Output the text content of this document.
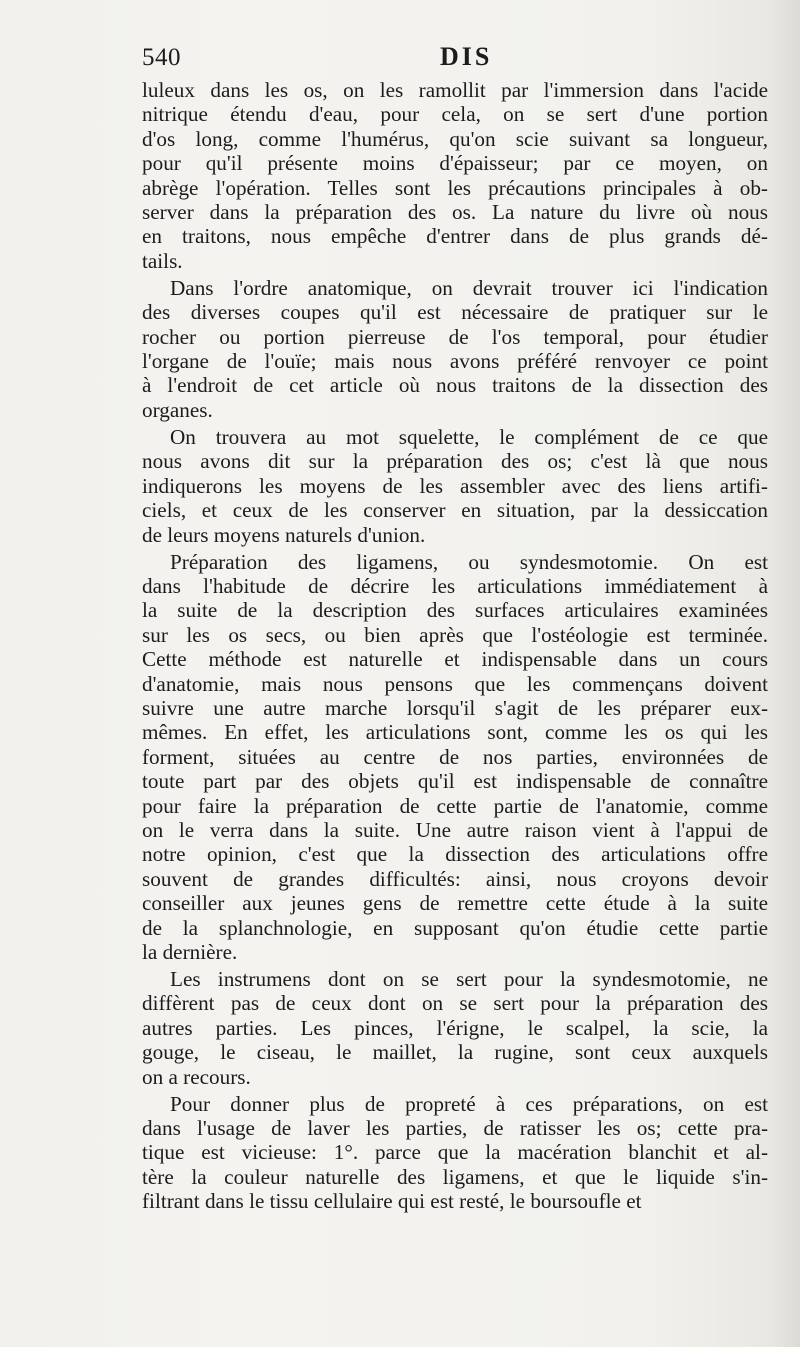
540	DIS
luleux dans les os, on les ramollit par l'immersion dans l'acide
nitrique étendu d'eau, pour cela, on se sert d'une portion
d'os long, comme l'humérus, qu'on scie suivant sa longueur,
pour qu'il présente moins d'épaisseur; par ce moyen, on
abrège l'opération. Telles sont les précautions principales à ob-
server dans la préparation des os. La nature du livre où nous
en traitons, nous empêche d'entrer dans de plus grands dé-
tails.
Dans l'ordre anatomique, on devrait trouver ici l'indication
des diverses coupes qu'il est nécessaire de pratiquer sur le
rocher ou portion pierreuse de l'os temporal, pour étudier
l'organe de l'ouïe; mais nous avons préféré renvoyer ce point
à l'endroit de cet article où nous traitons de la dissection des
organes.
On trouvera au mot squelette, le complément de ce que
nous avons dit sur la préparation des os; c'est là que nous
indiquerons les moyens de les assembler avec des liens artifi-
ciels, et ceux de les conserver en situation, par la dessiccation
de leurs moyens naturels d'union.
Préparation des ligamens, ou syndesmotomie. On est
dans l'habitude de décrire les articulations immédiatement à
la suite de la description des surfaces articulaires examinées
sur les os secs, ou bien après que l'ostéologie est terminée.
Cette méthode est naturelle et indispensable dans un cours
d'anatomie, mais nous pensons que les commençans doivent
suivre une autre marche lorsqu'il s'agit de les préparer eux-
mêmes. En effet, les articulations sont, comme les os qui les
forment, situées au centre de nos parties, environnées de
toute part par des objets qu'il est indispensable de connaître
pour faire la préparation de cette partie de l'anatomie, comme
on le verra dans la suite. Une autre raison vient à l'appui de
notre opinion, c'est que la dissection des articulations offre
souvent de grandes difficultés: ainsi, nous croyons devoir
conseiller aux jeunes gens de remettre cette étude à la suite
de la splanchnologie, en supposant qu'on étudie cette partie
la dernière.
Les instrumens dont on se sert pour la syndesmotomie, ne
diffèrent pas de ceux dont on se sert pour la préparation des
autres parties. Les pinces, l'érigne, le scalpel, la scie, la
gouge, le ciseau, le maillet, la rugine, sont ceux auxquels
on a recours.
Pour donner plus de propreté à ces préparations, on est
dans l'usage de laver les parties, de ratisser les os; cette pra-
tique est vicieuse: 1°. parce que la macération blanchit et al-
tère la couleur naturelle des ligamens, et que le liquide s'in-
filtrant dans le tissu cellulaire qui est resté, le boursoufle et
